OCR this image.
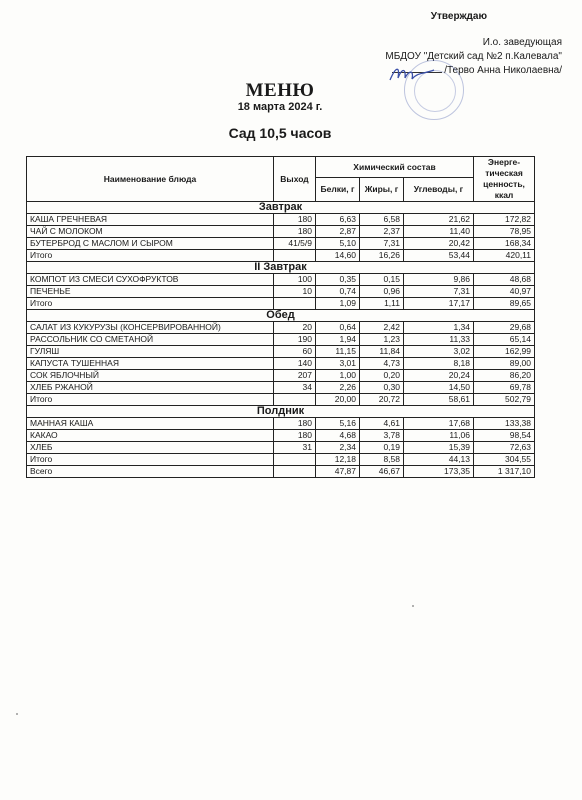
Утверждаю
И.о. заведующая
МБДОУ "Детский сад №2 п.Калевала"
/Терво Анна Николаевна/
МЕНЮ
18 марта 2024 г.
Сад 10,5 часов
Наименование блюда	Выход	Химический состав			Энерге-тическая ценность, ккал
		Белки, г	Жиры, г	Углеводы, г	
Завтрак					
КАША ГРЕЧНЕВАЯ	180	6,63	6,58	21,62	172,82
ЧАЙ С МОЛОКОМ	180	2,87	2,37	11,40	78,95
БУТЕРБРОД С МАСЛОМ И СЫРОМ	41/5/9	5,10	7,31	20,42	168,34
Итого		14,60	16,26	53,44	420,11
II Завтрак					
КОМПОТ ИЗ СМЕСИ СУХОФРУКТОВ	100	0,35	0,15	9,86	48,68
ПЕЧЕНЬЕ	10	0,74	0,96	7,31	40,97
Итого		1,09	1,11	17,17	89,65
Обед					
САЛАТ ИЗ КУКУРУЗЫ (КОНСЕРВИРОВАННОЙ)	20	0,64	2,42	1,34	29,68
РАССОЛЬНИК СО СМЕТАНОЙ	190	1,94	1,23	11,33	65,14
ГУЛЯШ	60	11,15	11,84	3,02	162,99
КАПУСТА ТУШЕННАЯ	140	3,01	4,73	8,18	89,00
СОК ЯБЛОЧНЫЙ	207	1,00	0,20	20,24	86,20
ХЛЕБ РЖАНОЙ	34	2,26	0,30	14,50	69,78
Итого		20,00	20,72	58,61	502,79
Полдник					
МАННАЯ КАША	180	5,16	4,61	17,68	133,38
КАКАО	180	4,68	3,78	11,06	98,54
ХЛЕБ	31	2,34	0,19	15,39	72,63
Итого		12,18	8,58	44,13	304,55
Всего		47,87	46,67	173,35	1 317,10
